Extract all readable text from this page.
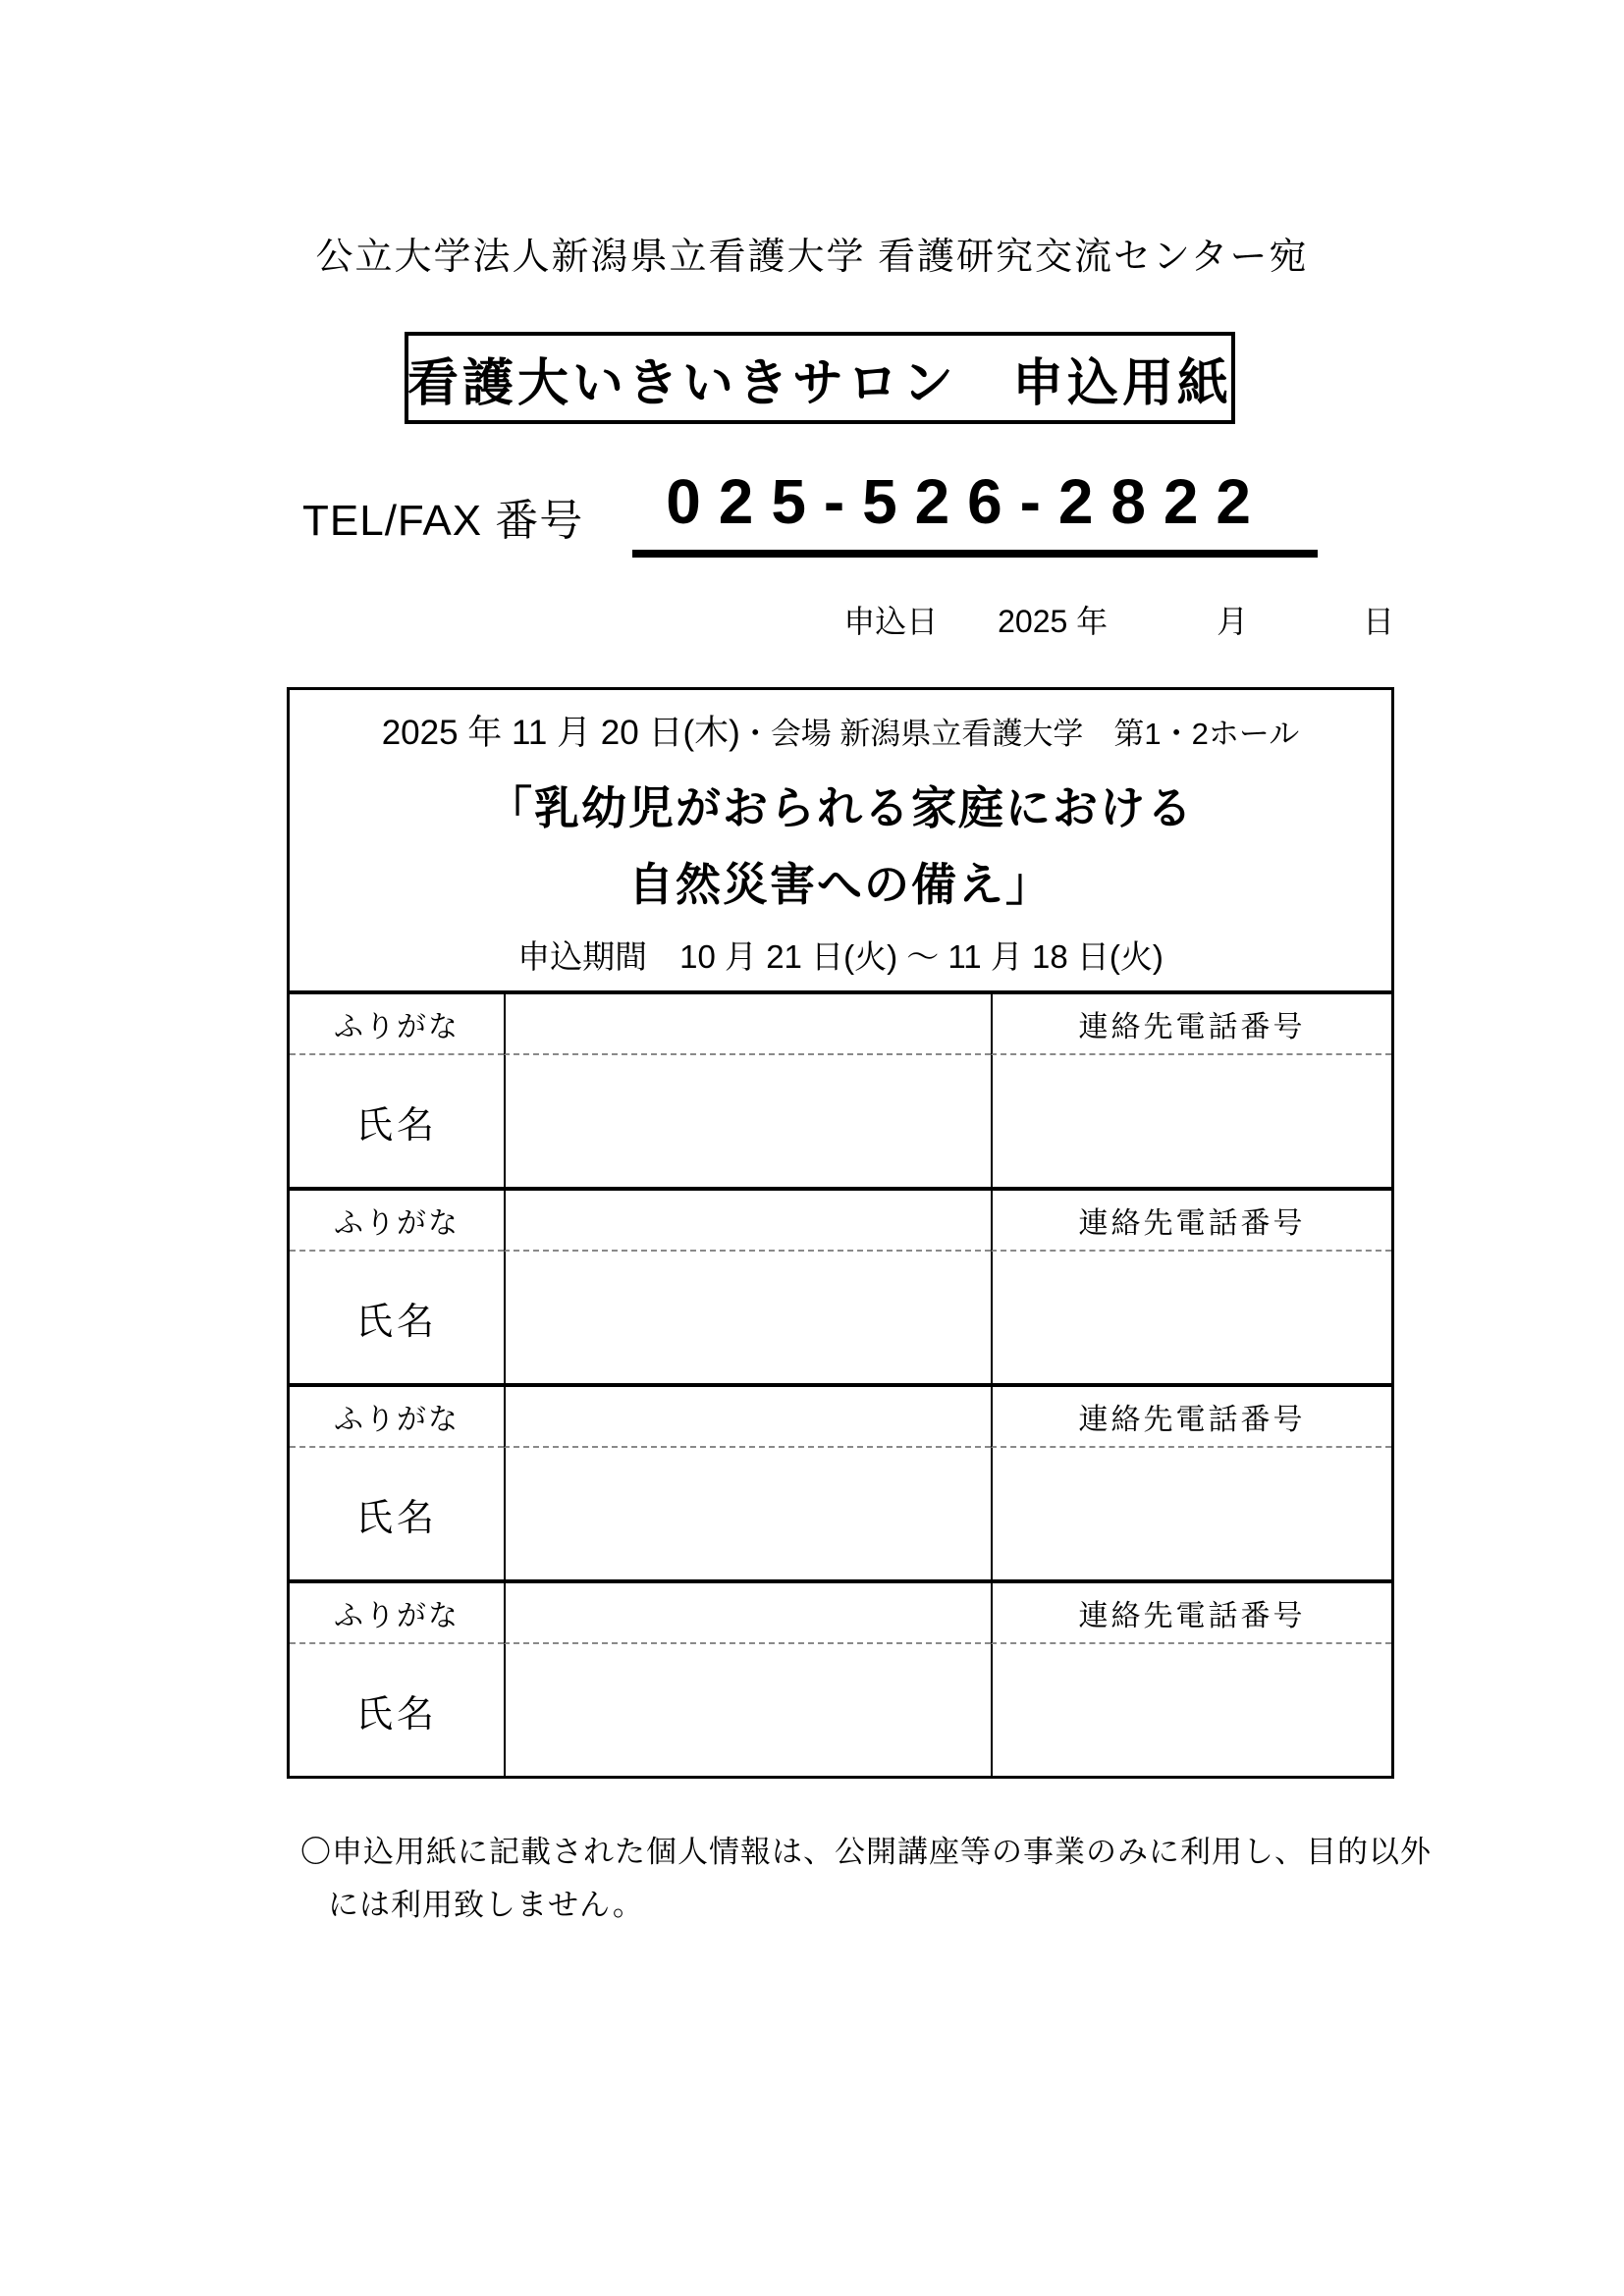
公立大学法人新潟県立看護大学 看護研究交流センター宛
看護大いきいきサロン　申込用紙
TEL/FAX 番号	025-526-2822
申込日 2025 年	月	日
2025 年 11 月 20 日(木)・会場 新潟県立看護大学　第1・2ホール
「乳幼児がおられる家庭における
自然災害への備え」
申込期間　10 月 21 日(火) ～ 11 月 18 日(火)
ふりがな	連絡先電話番号
氏名
ふりがな	連絡先電話番号
氏名
ふりがな	連絡先電話番号
氏名
ふりがな	連絡先電話番号
氏名
〇申込用紙に記載された個人情報は、公開講座等の事業のみに利用し、目的以外
には利用致しません。
